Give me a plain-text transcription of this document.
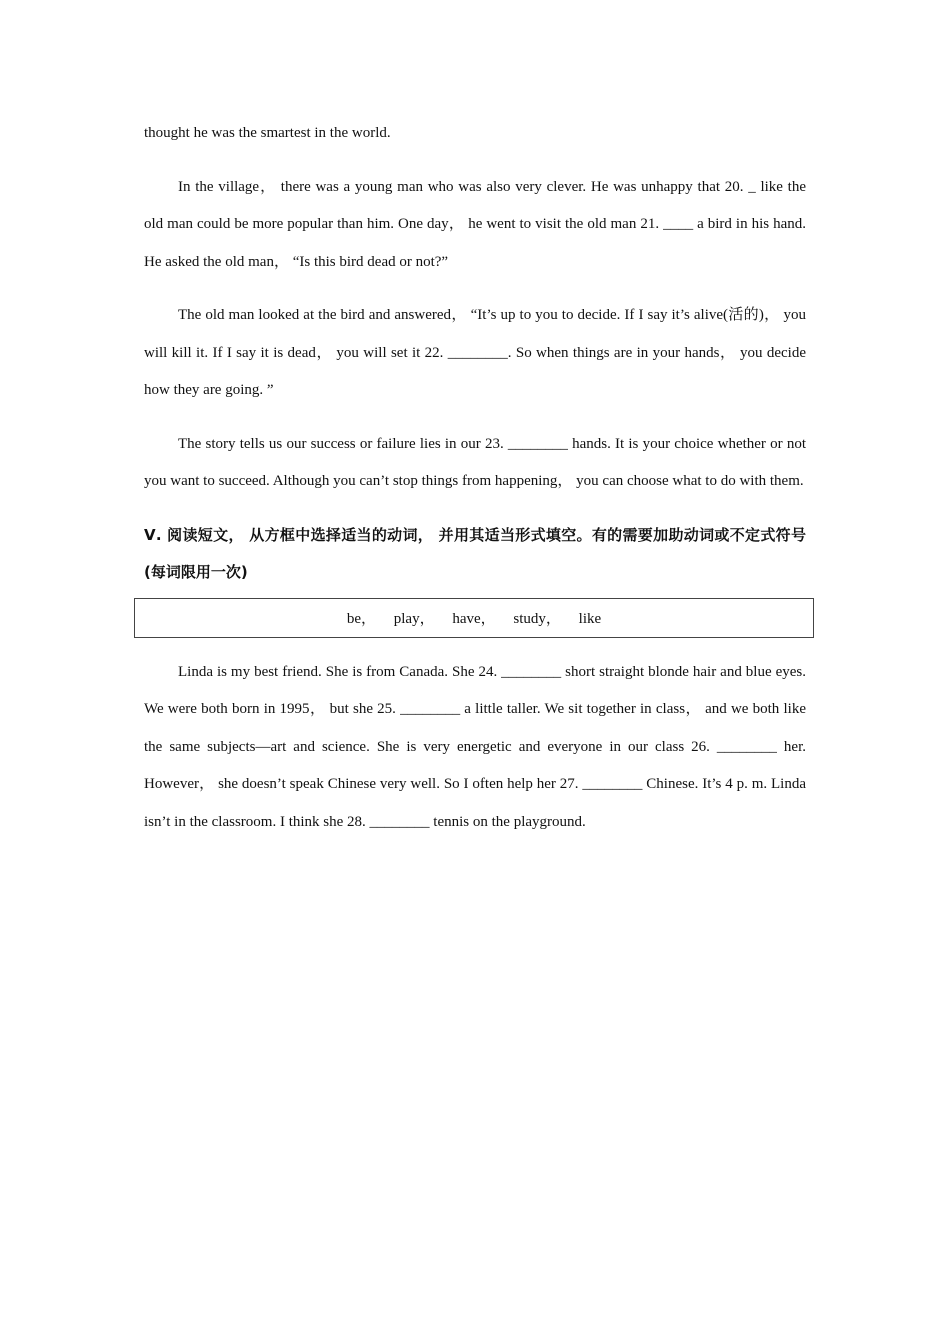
thought he was the smartest in the world.

In the village， there was a young man who was also very clever. He was unhappy that 20. _ like the old man could be more popular than him. One day， he went to visit the old man 21. ____ a bird in his hand. He asked the old man， “Is this bird dead or not?”

The old man looked at the bird and answered， “It’s up to you to decide. If I say it’s alive(活的)， you will kill it. If I say it is dead， you will set it 22. ________. So when things are in your hands， you decide how they are going. ”

The story tells us our success or failure lies in our 23. ________ hands. It is your choice whether or not you want to succeed. Although you can’t stop things from happening， you can choose what to do with them.

Ⅴ. 阅读短文， 从方框中选择适当的动词， 并用其适当形式填空。有的需要加助动词或不定式符号(每词限用一次)

be， play， have， study， like

Linda is my best friend. She is from Canada. She 24. ________ short straight blonde hair and blue eyes. We were both born in 1995， but she 25. ________ a little taller. We sit together in class， and we both like the same subjects—art and science. She is very energetic and everyone in our class 26. ________ her. However， she doesn’t speak Chinese very well. So I often help her 27. ________ Chinese. It’s 4 p. m. Linda isn’t in the classroom. I think she 28. ________ tennis on the playground.
